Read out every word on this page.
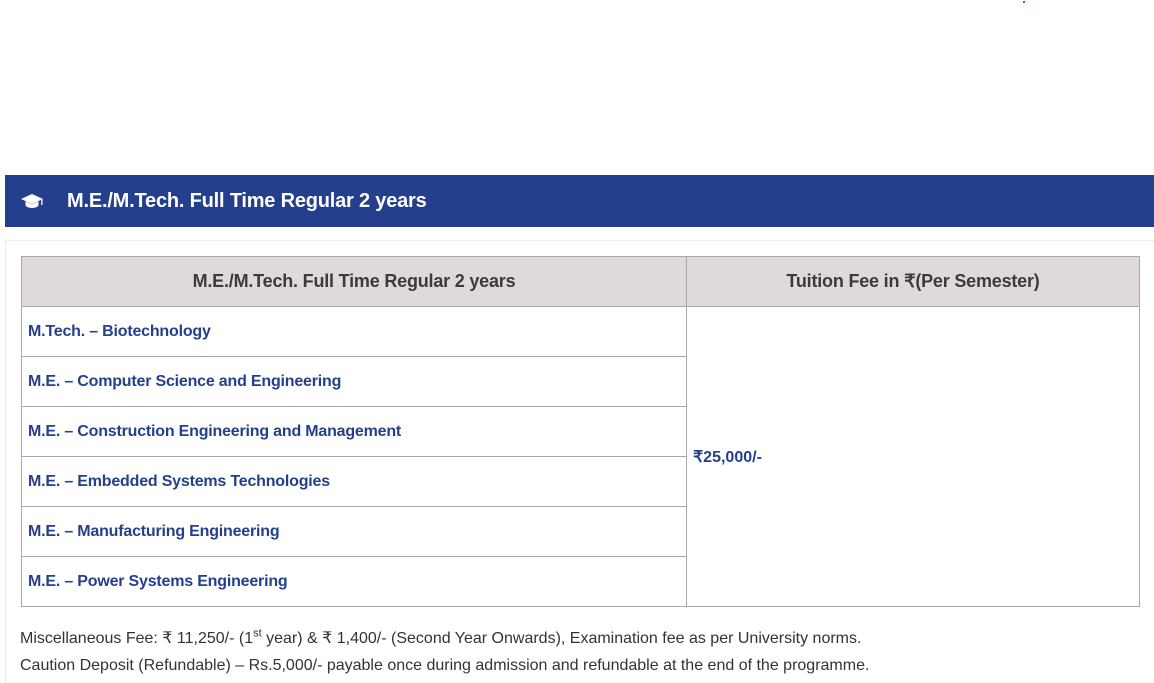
M.E./M.Tech. Full Time Regular 2 years
M.E./M.Tech. Full Time Regular 2 years	Tuition Fee in ₹(Per Semester)
M.Tech. – Biotechnology	₹25,000/-
M.E. – Computer Science and Engineering	
M.E. – Construction Engineering and Management	
M.E. – Embedded Systems Technologies	
M.E. – Manufacturing Engineering	
M.E. – Power Systems Engineering	
Miscellaneous Fee: ₹ 11,250/- (1st year) & ₹ 1,400/- (Second Year Onwards), Examination fee as per University norms.
Caution Deposit (Refundable) – Rs.5,000/- payable once during admission and refundable at the end of the programme.
